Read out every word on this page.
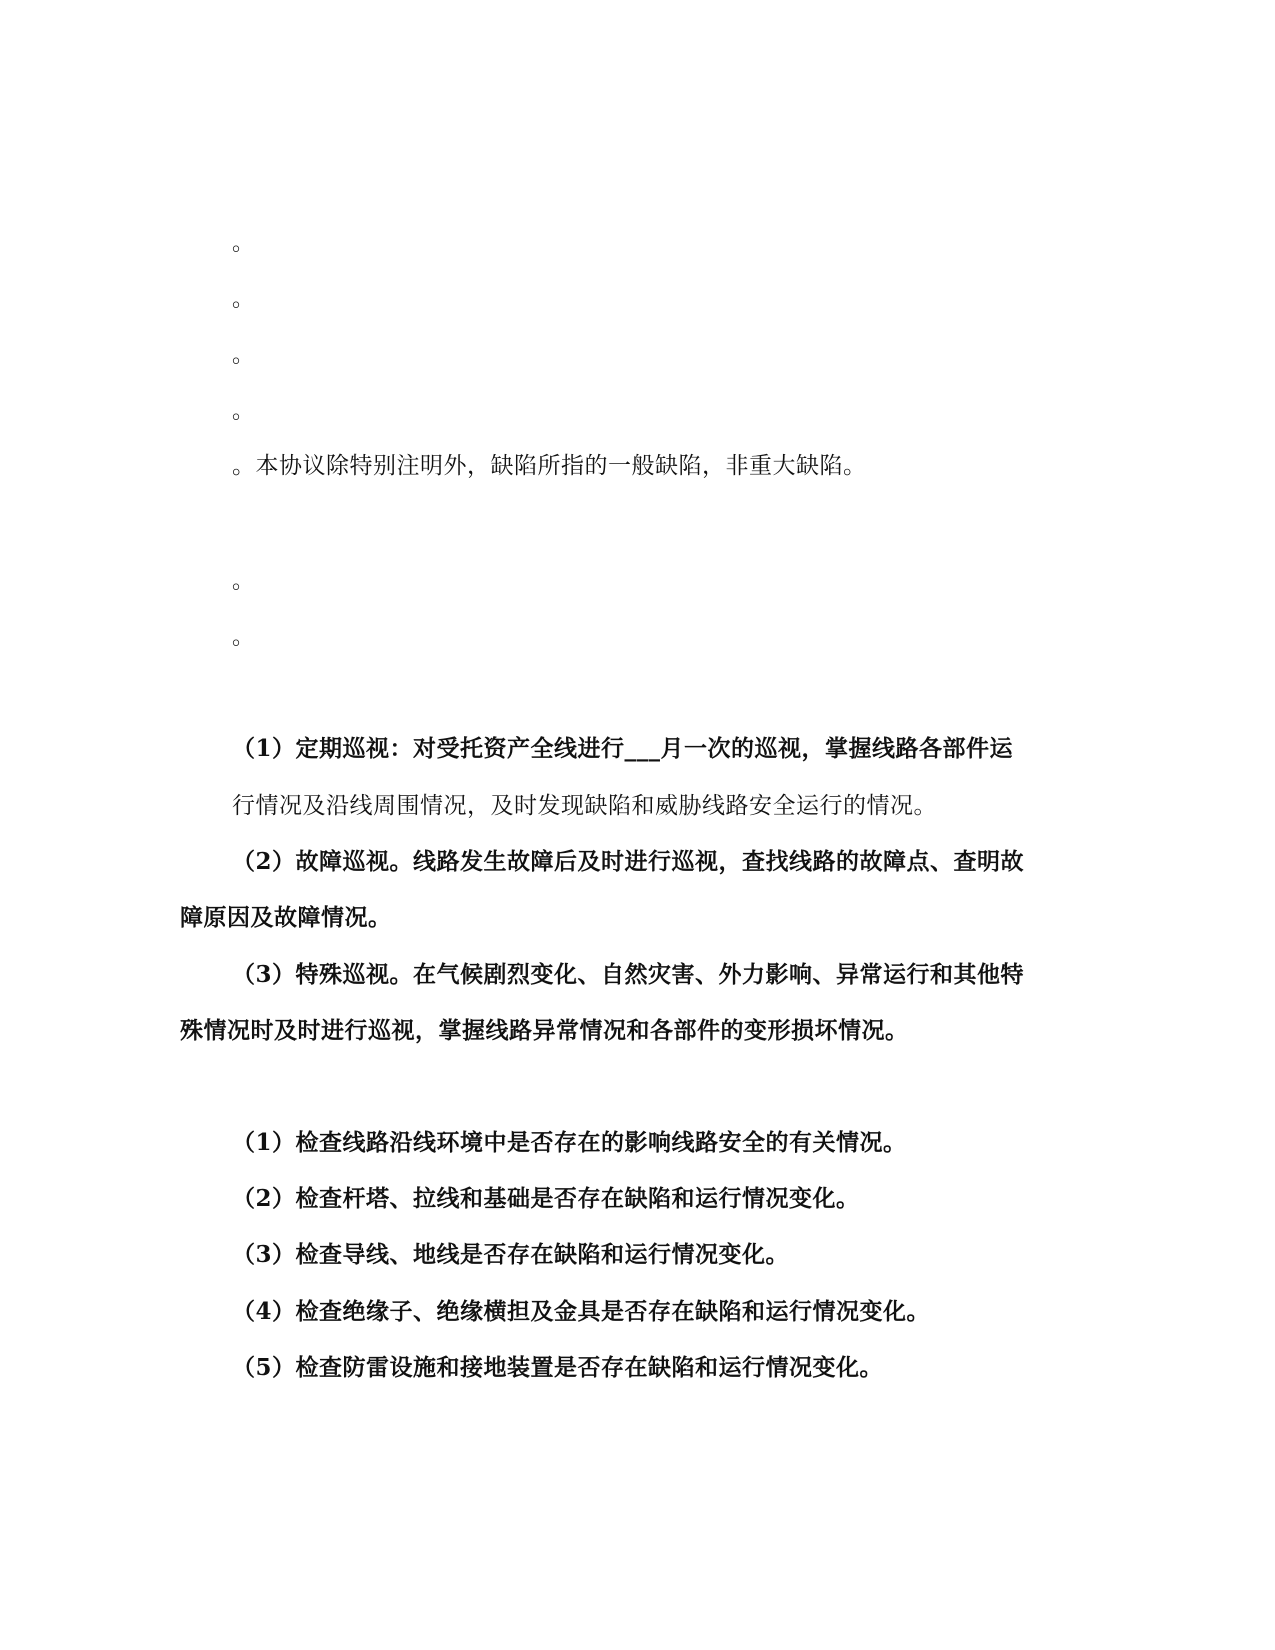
。
。
。
。
。本协议除特别注明外，缺陷所指的一般缺陷，非重大缺陷。
。
。
（1）定期巡视：对受托资产全线进行___月一次的巡视，掌握线路各部件运
行情况及沿线周围情况，及时发现缺陷和威胁线路安全运行的情况。
（2）故障巡视。线路发生故障后及时进行巡视，查找线路的故障点、查明故
障原因及故障情况。
（3）特殊巡视。在气候剧烈变化、自然灾害、外力影响、异常运行和其他特
殊情况时及时进行巡视，掌握线路异常情况和各部件的变形损坏情况。
（1）检查线路沿线环境中是否存在的影响线路安全的有关情况。
（2）检查杆塔、拉线和基础是否存在缺陷和运行情况变化。
（3）检查导线、地线是否存在缺陷和运行情况变化。
（4）检查绝缘子、绝缘横担及金具是否存在缺陷和运行情况变化。
（5）检查防雷设施和接地装置是否存在缺陷和运行情况变化。
